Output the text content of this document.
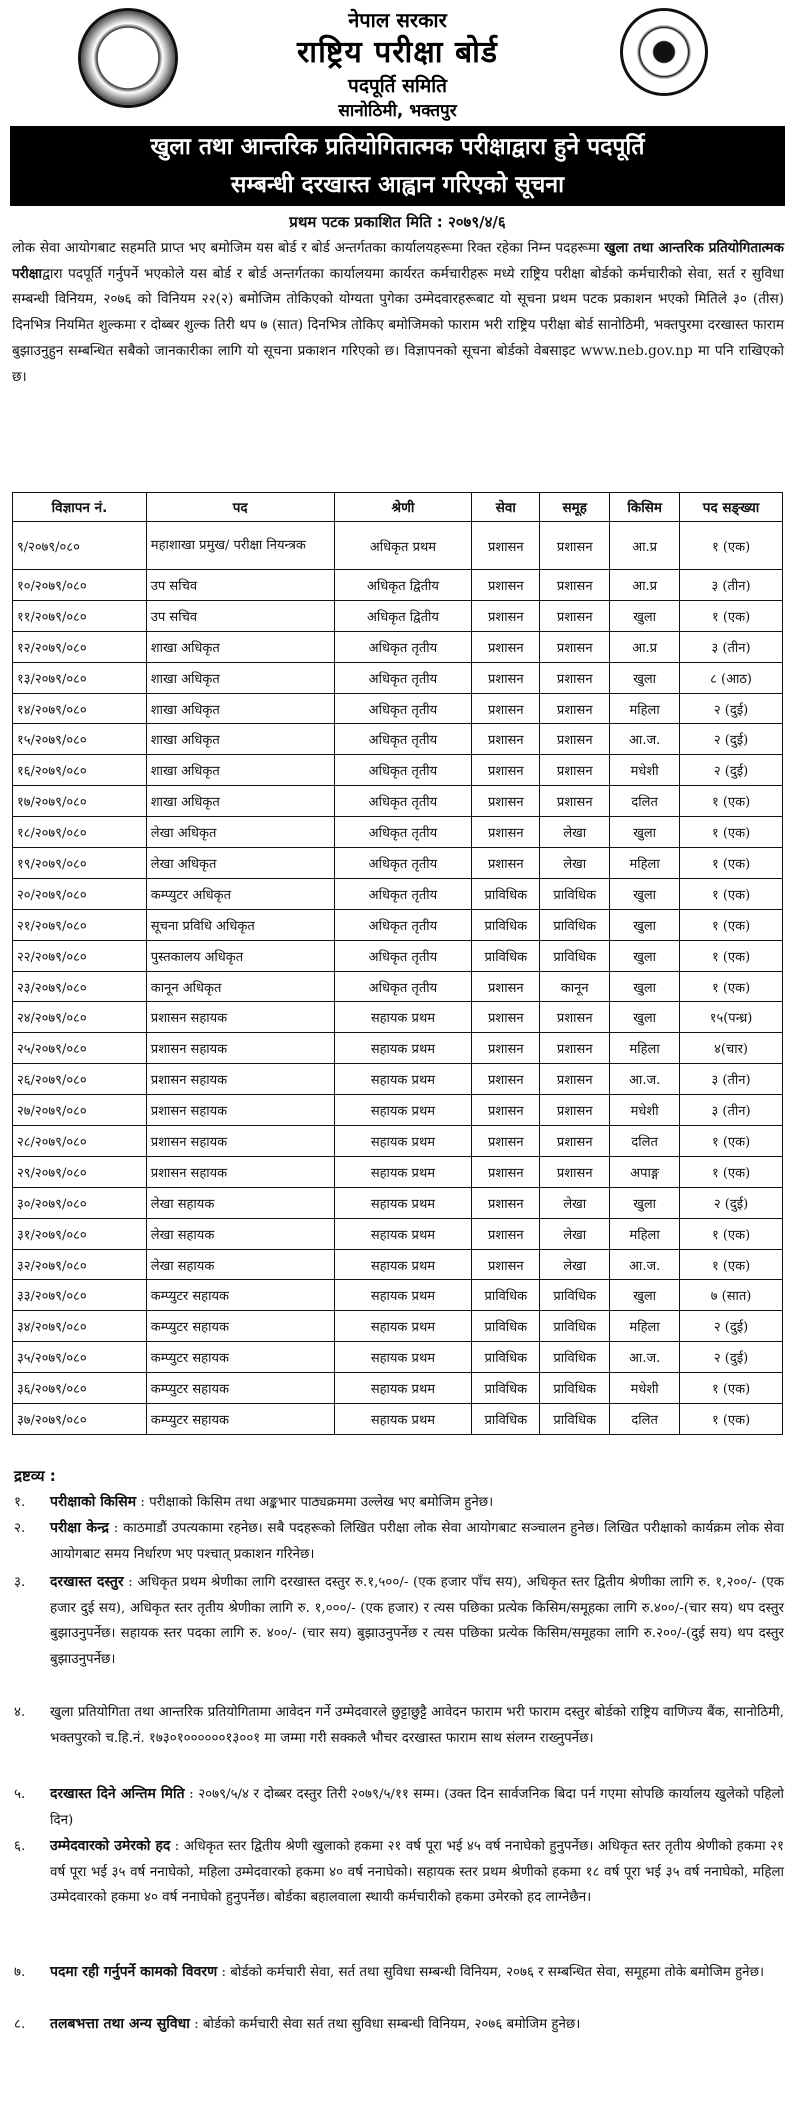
नेपाल सरकार
राष्ट्रिय परीक्षा बोर्ड
पदपूर्ति समिति
सानोठिमी, भक्तपुर
खुला तथा आन्तरिक प्रतियोगितात्मक परीक्षाद्वारा हुने पदपूर्ति
सम्बन्धी दरखास्त आह्वान गरिएको सूचना
प्रथम पटक प्रकाशित मिति : २०७९/४/६
लोक सेवा आयोगबाट सहमति प्राप्त भए बमोजिम यस बोर्ड र बोर्ड अन्तर्गतका कार्यालयहरूमा रिक्त रहेका निम्न पदहरूमा खुला तथा आन्तरिक प्रतियोगितात्मक परीक्षाद्वारा पदपूर्ति गर्नुपर्ने भएकोले यस बोर्ड र बोर्ड अन्तर्गतका कार्यालयमा कार्यरत कर्मचारीहरू मध्ये राष्ट्रिय परीक्षा बोर्डको कर्मचारीको सेवा, सर्त र सुविधा सम्बन्धी विनियम, २०७६ को विनियम २२(२) बमोजिम तोकिएको योग्यता पुगेका उम्मेदवारहरूबाट यो सूचना प्रथम पटक प्रकाशन भएको मितिले ३० (तीस) दिनभित्र नियमित शुल्कमा र दोब्बर शुल्क तिरी थप ७ (सात) दिनभित्र तोकिए बमोजिमको फाराम भरी राष्ट्रिय परीक्षा बोर्ड सानोठिमी, भक्तपुरमा दरखास्त फाराम बुझाउनुहुन सम्बन्धित सबैको जानकारीका लागि यो सूचना प्रकाशन गरिएको छ। विज्ञापनको सूचना बोर्डको वेबसाइट www.neb.gov.np मा पनि राखिएको छ।
विज्ञापन नं.	पद	श्रेणी	सेवा	समूह	किसिम	पद सङ्ख्या
९/२०७९/०८०	महाशाखा प्रमुख/ परीक्षा नियन्त्रक	अधिकृत प्रथम	प्रशासन	प्रशासन	आ.प्र	१ (एक)
१०/२०७९/०८०	उप सचिव	अधिकृत द्वितीय	प्रशासन	प्रशासन	आ.प्र	३ (तीन)
११/२०७९/०८०	उप सचिव	अधिकृत द्वितीय	प्रशासन	प्रशासन	खुला	१ (एक)
१२/२०७९/०८०	शाखा अधिकृत	अधिकृत तृतीय	प्रशासन	प्रशासन	आ.प्र	३ (तीन)
१३/२०७९/०८०	शाखा अधिकृत	अधिकृत तृतीय	प्रशासन	प्रशासन	खुला	८ (आठ)
१४/२०७९/०८०	शाखा अधिकृत	अधिकृत तृतीय	प्रशासन	प्रशासन	महिला	२ (दुई)
१५/२०७९/०८०	शाखा अधिकृत	अधिकृत तृतीय	प्रशासन	प्रशासन	आ.ज.	२ (दुई)
१६/२०७९/०८०	शाखा अधिकृत	अधिकृत तृतीय	प्रशासन	प्रशासन	मधेशी	२ (दुई)
१७/२०७९/०८०	शाखा अधिकृत	अधिकृत तृतीय	प्रशासन	प्रशासन	दलित	१ (एक)
१८/२०७९/०८०	लेखा अधिकृत	अधिकृत तृतीय	प्रशासन	लेखा	खुला	१ (एक)
१९/२०७९/०८०	लेखा अधिकृत	अधिकृत तृतीय	प्रशासन	लेखा	महिला	१ (एक)
२०/२०७९/०८०	कम्प्युटर अधिकृत	अधिकृत तृतीय	प्राविधिक	प्राविधिक	खुला	१ (एक)
२१/२०७९/०८०	सूचना प्रविधि अधिकृत	अधिकृत तृतीय	प्राविधिक	प्राविधिक	खुला	१ (एक)
२२/२०७९/०८०	पुस्तकालय अधिकृत	अधिकृत तृतीय	प्राविधिक	प्राविधिक	खुला	१ (एक)
२३/२०७९/०८०	कानून अधिकृत	अधिकृत तृतीय	प्रशासन	कानून	खुला	१ (एक)
२४/२०७९/०८०	प्रशासन सहायक	सहायक प्रथम	प्रशासन	प्रशासन	खुला	१५(पन्ध्र)
२५/२०७९/०८०	प्रशासन सहायक	सहायक प्रथम	प्रशासन	प्रशासन	महिला	४(चार)
२६/२०७९/०८०	प्रशासन सहायक	सहायक प्रथम	प्रशासन	प्रशासन	आ.ज.	३ (तीन)
२७/२०७९/०८०	प्रशासन सहायक	सहायक प्रथम	प्रशासन	प्रशासन	मधेशी	३ (तीन)
२८/२०७९/०८०	प्रशासन सहायक	सहायक प्रथम	प्रशासन	प्रशासन	दलित	१ (एक)
२९/२०७९/०८०	प्रशासन सहायक	सहायक प्रथम	प्रशासन	प्रशासन	अपाङ्ग	१ (एक)
३०/२०७९/०८०	लेखा सहायक	सहायक प्रथम	प्रशासन	लेखा	खुला	२ (दुई)
३१/२०७९/०८०	लेखा सहायक	सहायक प्रथम	प्रशासन	लेखा	महिला	१ (एक)
३२/२०७९/०८०	लेखा सहायक	सहायक प्रथम	प्रशासन	लेखा	आ.ज.	१ (एक)
३३/२०७९/०८०	कम्प्युटर सहायक	सहायक प्रथम	प्राविधिक	प्राविधिक	खुला	७ (सात)
३४/२०७९/०८०	कम्प्युटर सहायक	सहायक प्रथम	प्राविधिक	प्राविधिक	महिला	२ (दुई)
३५/२०७९/०८०	कम्प्युटर सहायक	सहायक प्रथम	प्राविधिक	प्राविधिक	आ.ज.	२ (दुई)
३६/२०७९/०८०	कम्प्युटर सहायक	सहायक प्रथम	प्राविधिक	प्राविधिक	मधेशी	१ (एक)
३७/२०७९/०८०	कम्प्युटर सहायक	सहायक प्रथम	प्राविधिक	प्राविधिक	दलित	१ (एक)
द्रष्टव्य :
१.	परीक्षाको किसिम : परीक्षाको किसिम तथा अङ्कभार पाठ्यक्रममा उल्लेख भए बमोजिम हुनेछ।
२.	परीक्षा केन्द्र : काठमाडौं उपत्यकामा रहनेछ। सबै पदहरूको लिखित परीक्षा लोक सेवा आयोगबाट सञ्चालन हुनेछ। लिखित परीक्षाको कार्यक्रम लोक सेवा आयोगबाट समय निर्धारण भए पश्चात् प्रकाशन गरिनेछ।
३.	दरखास्त दस्तुर : अधिकृत प्रथम श्रेणीका लागि दरखास्त दस्तुर रु.१,५००/- (एक हजार पाँच सय), अधिकृत स्तर द्वितीय श्रेणीका लागि रु. १,२००/- (एक हजार दुई सय), अधिकृत स्तर तृतीय श्रेणीका लागि रु. १,०००/- (एक हजार) र त्यस पछिका प्रत्येक किसिम/समूहका लागि रु.४००/-(चार सय) थप दस्तुर बुझाउनुपर्नेछ। सहायक स्तर पदका लागि रु. ४००/- (चार सय) बुझाउनुपर्नेछ र त्यस पछिका प्रत्येक किसिम/समूहका लागि रु.२००/-(दुई सय) थप दस्तुर बुझाउनुपर्नेछ।
४.	खुला प्रतियोगिता तथा आन्तरिक प्रतियोगितामा आवेदन गर्ने उम्मेदवारले छुट्टाछुट्टै आवेदन फाराम भरी फाराम दस्तुर बोर्डको राष्ट्रिय वाणिज्य बैंक, सानोठिमी, भक्तपुरको च.हि.नं. १७३०१००००००१३००१ मा जम्मा गरी सक्कलै भौचर दरखास्त फाराम साथ संलग्न राख्नुपर्नेछ।
५.	दरखास्त दिने अन्तिम मिति : २०७९/५/४ र दोब्बर दस्तुर तिरी २०७९/५/११ सम्म। (उक्त दिन सार्वजनिक बिदा पर्न गएमा सोपछि कार्यालय खुलेको पहिलो दिन)
६.	उम्मेदवारको उमेरको हद : अधिकृत स्तर द्वितीय श्रेणी खुलाको हकमा २१ वर्ष पूरा भई ४५ वर्ष ननाघेको हुनुपर्नेछ। अधिकृत स्तर तृतीय श्रेणीको हकमा २१ वर्ष पूरा भई ३५ वर्ष ननाघेको, महिला उम्मेदवारको हकमा ४० वर्ष ननाघेको। सहायक स्तर प्रथम श्रेणीको हकमा १८ वर्ष पूरा भई ३५ वर्ष ननाघेको, महिला उम्मेदवारको हकमा ४० वर्ष ननाघेको हुनुपर्नेछ। बोर्डका बहालवाला स्थायी कर्मचारीको हकमा उमेरको हद लाग्नेछैन।
७.	पदमा रही गर्नुपर्ने कामको विवरण : बोर्डको कर्मचारी सेवा, सर्त तथा सुविधा सम्बन्धी विनियम, २०७६ र सम्बन्धित सेवा, समूहमा तोके बमोजिम हुनेछ।
८.	तलबभत्ता तथा अन्य सुविधा : बोर्डको कर्मचारी सेवा सर्त तथा सुविधा सम्बन्धी विनियम, २०७६ बमोजिम हुनेछ।
